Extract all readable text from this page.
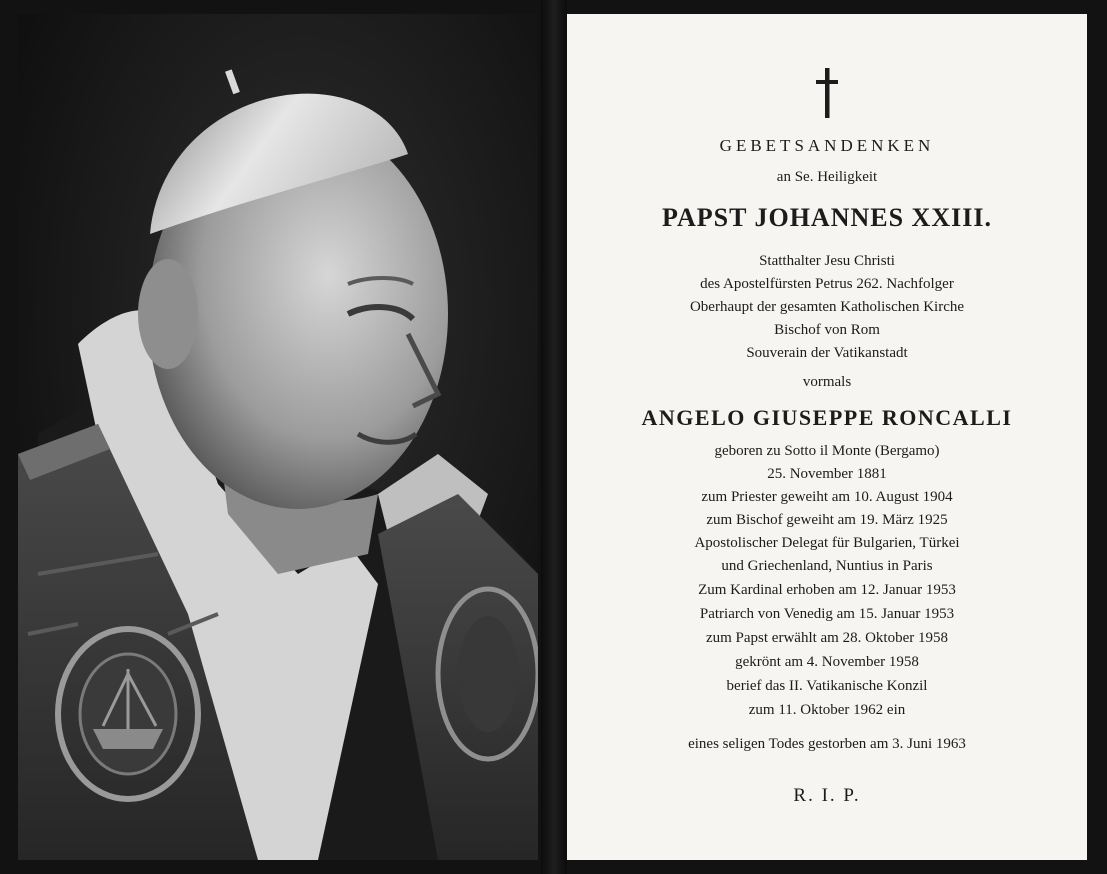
GEBETSANDENKEN
an Se. Heiligkeit
PAPST JOHANNES XXIII.
Statthalter Jesu Christi
des Apostelfürsten Petrus 262. Nachfolger
Oberhaupt der gesamten Katholischen Kirche
Bischof von Rom
Souverain der Vatikanstadt
vormals
ANGELO GIUSEPPE RONCALLI
geboren zu Sotto il Monte (Bergamo)
25. November 1881
zum Priester geweiht am 10. August 1904
zum Bischof geweiht am 19. März 1925
Apostolischer Delegat für Bulgarien, Türkei
und Griechenland, Nuntius in Paris
Zum Kardinal erhoben am 12. Januar 1953
Patriarch von Venedig am 15. Januar 1953
zum Papst erwählt am 28. Oktober 1958
gekrönt am 4. November 1958
berief das II. Vatikanische Konzil
zum 11. Oktober 1962 ein
eines seligen Todes gestorben am 3. Juni 1963
R. I. P.
